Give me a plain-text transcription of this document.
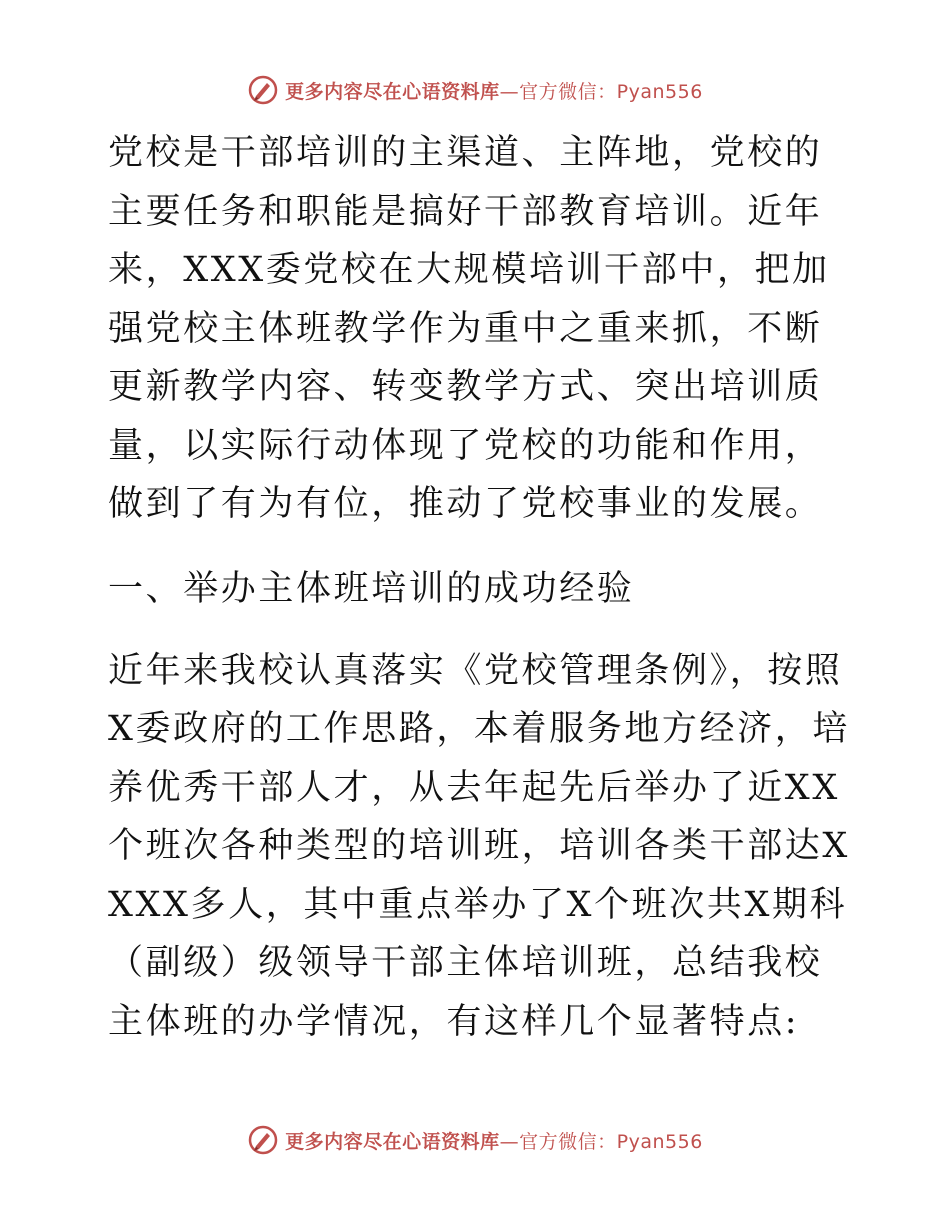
更多内容尽在心语资料库—官方微信：Pyan556

党校是干部培训的主渠道、主阵地，党校的主要任务和职能是搞好干部教育培训。近年来，XXX委党校在大规模培训干部中，把加强党校主体班教学作为重中之重来抓，不断更新教学内容、转变教学方式、突出培训质量，以实际行动体现了党校的功能和作用，做到了有为有位，推动了党校事业的发展。

一、举办主体班培训的成功经验

近年来我校认真落实《党校管理条例》，按照X委政府的工作思路，本着服务地方经济，培养优秀干部人才，从去年起先后举办了近XX个班次各种类型的培训班，培训各类干部达XXXX多人，其中重点举办了X个班次共X期科（副级）级领导干部主体培训班，总结我校主体班的办学情况，有这样几个显著特点:

更多内容尽在心语资料库—官方微信：Pyan556
